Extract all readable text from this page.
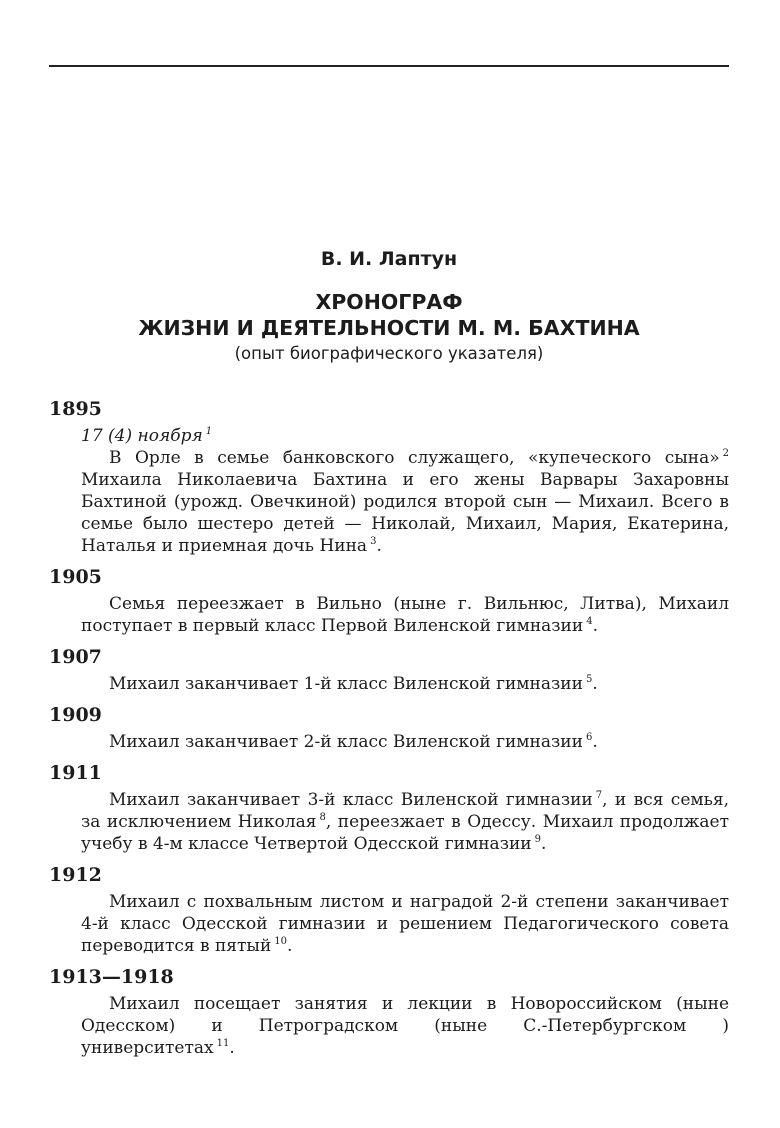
В. И. Лаптун
ХРОНОГРАФ
ЖИЗНИ И ДЕЯТЕЛЬНОСТИ М. М. БАХТИНА
(опыт биографического указателя)
1895
17 (4) ноября $^1$

В Орле в семье банковского служащего, «купеческого сына» $^2$ Михаила Николаевича Бахтина и его жены Варвары Захаровны Бахтиной (урожд. Овечкиной) родился второй сын — Михаил. Всего в семье было шестеро детей — Николай, Михаил, Мария, Екатерина, Наталья и приемная дочь Нина $^3$.

1905

Семья переезжает в Вильно (ныне г. Вильнюс, Литва), Михаил поступает в первый класс Первой Виленской гимназии $^4$.

1907

Михаил заканчивает 1-й класс Виленской гимназии $^5$.

1909

Михаил заканчивает 2-й класс Виленской гимназии $^6$.

1911

Михаил заканчивает 3-й класс Виленской гимназии $^7$, и вся семья, за исключением Николая $^8$, переезжает в Одессу. Михаил продолжает учебу в 4-м классе Четвертой Одесской гимназии $^9$.

1912

Михаил с похвальным листом и наградой 2-й степени заканчивает 4-й класс Одесской гимназии и решением Педагогического совета переводится в пятый $^{10}$.

1913—1918

Михаил посещает занятия и лекции в Новороссийском (ныне Одесском) и Петроградском (ныне С.-Петербургском ) университетах $^{11}$.
